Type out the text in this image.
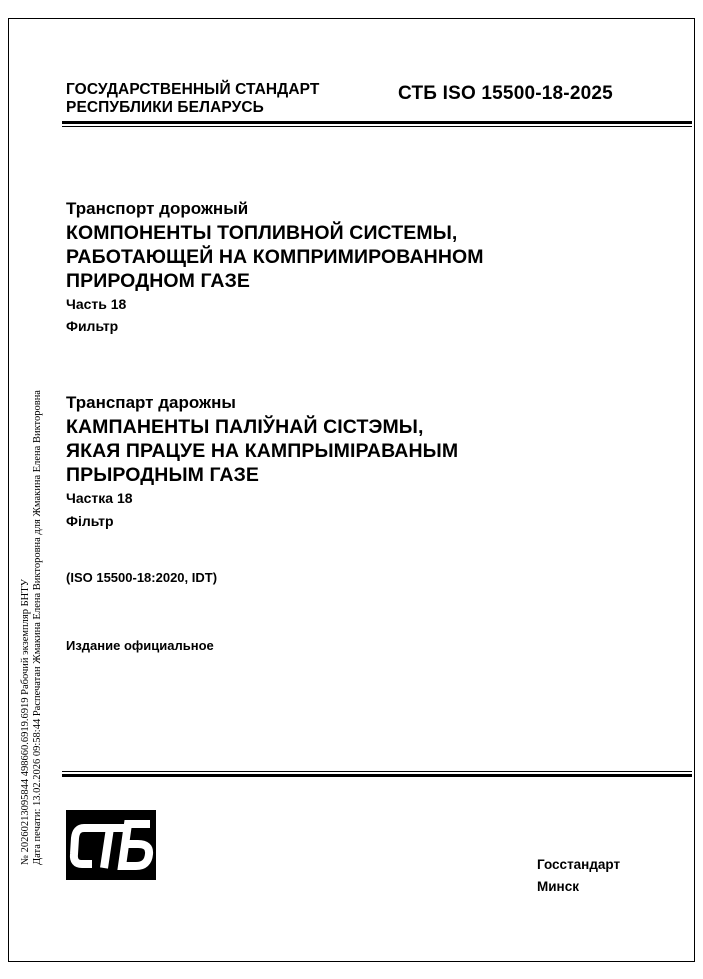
ГОСУДАРСТВЕННЫЙ СТАНДАРТ
РЕСПУБЛИКИ БЕЛАРУСЬ
СТБ ISO 15500-18-2025
Транспорт дорожный
КОМПОНЕНТЫ ТОПЛИВНОЙ СИСТЕМЫ,
РАБОТАЮЩЕЙ НА КОМПРИМИРОВАННОМ
ПРИРОДНОМ ГАЗЕ
Часть 18
Фильтр
Транспарт дарожны
КАМПАНЕНТЫ ПАЛІЎНАЙ СІСТЭМЫ,
ЯКАЯ ПРАЦУЕ НА КАМПРЫМІРАВАНЫМ
ПРЫРОДНЫМ ГАЗЕ
Частка 18
Фільтр
(ISO 15500-18:2020, IDT)
Издание официальное
№ 20260213095844 498660.6919.6919 Рабочий экземпляр БНТУ Дата печати: 13.02.2026 09:58:44 Распечатан Жмакина Елена Викторовна для Жмакина Елена Викторовна	Госстандарт
Минск
